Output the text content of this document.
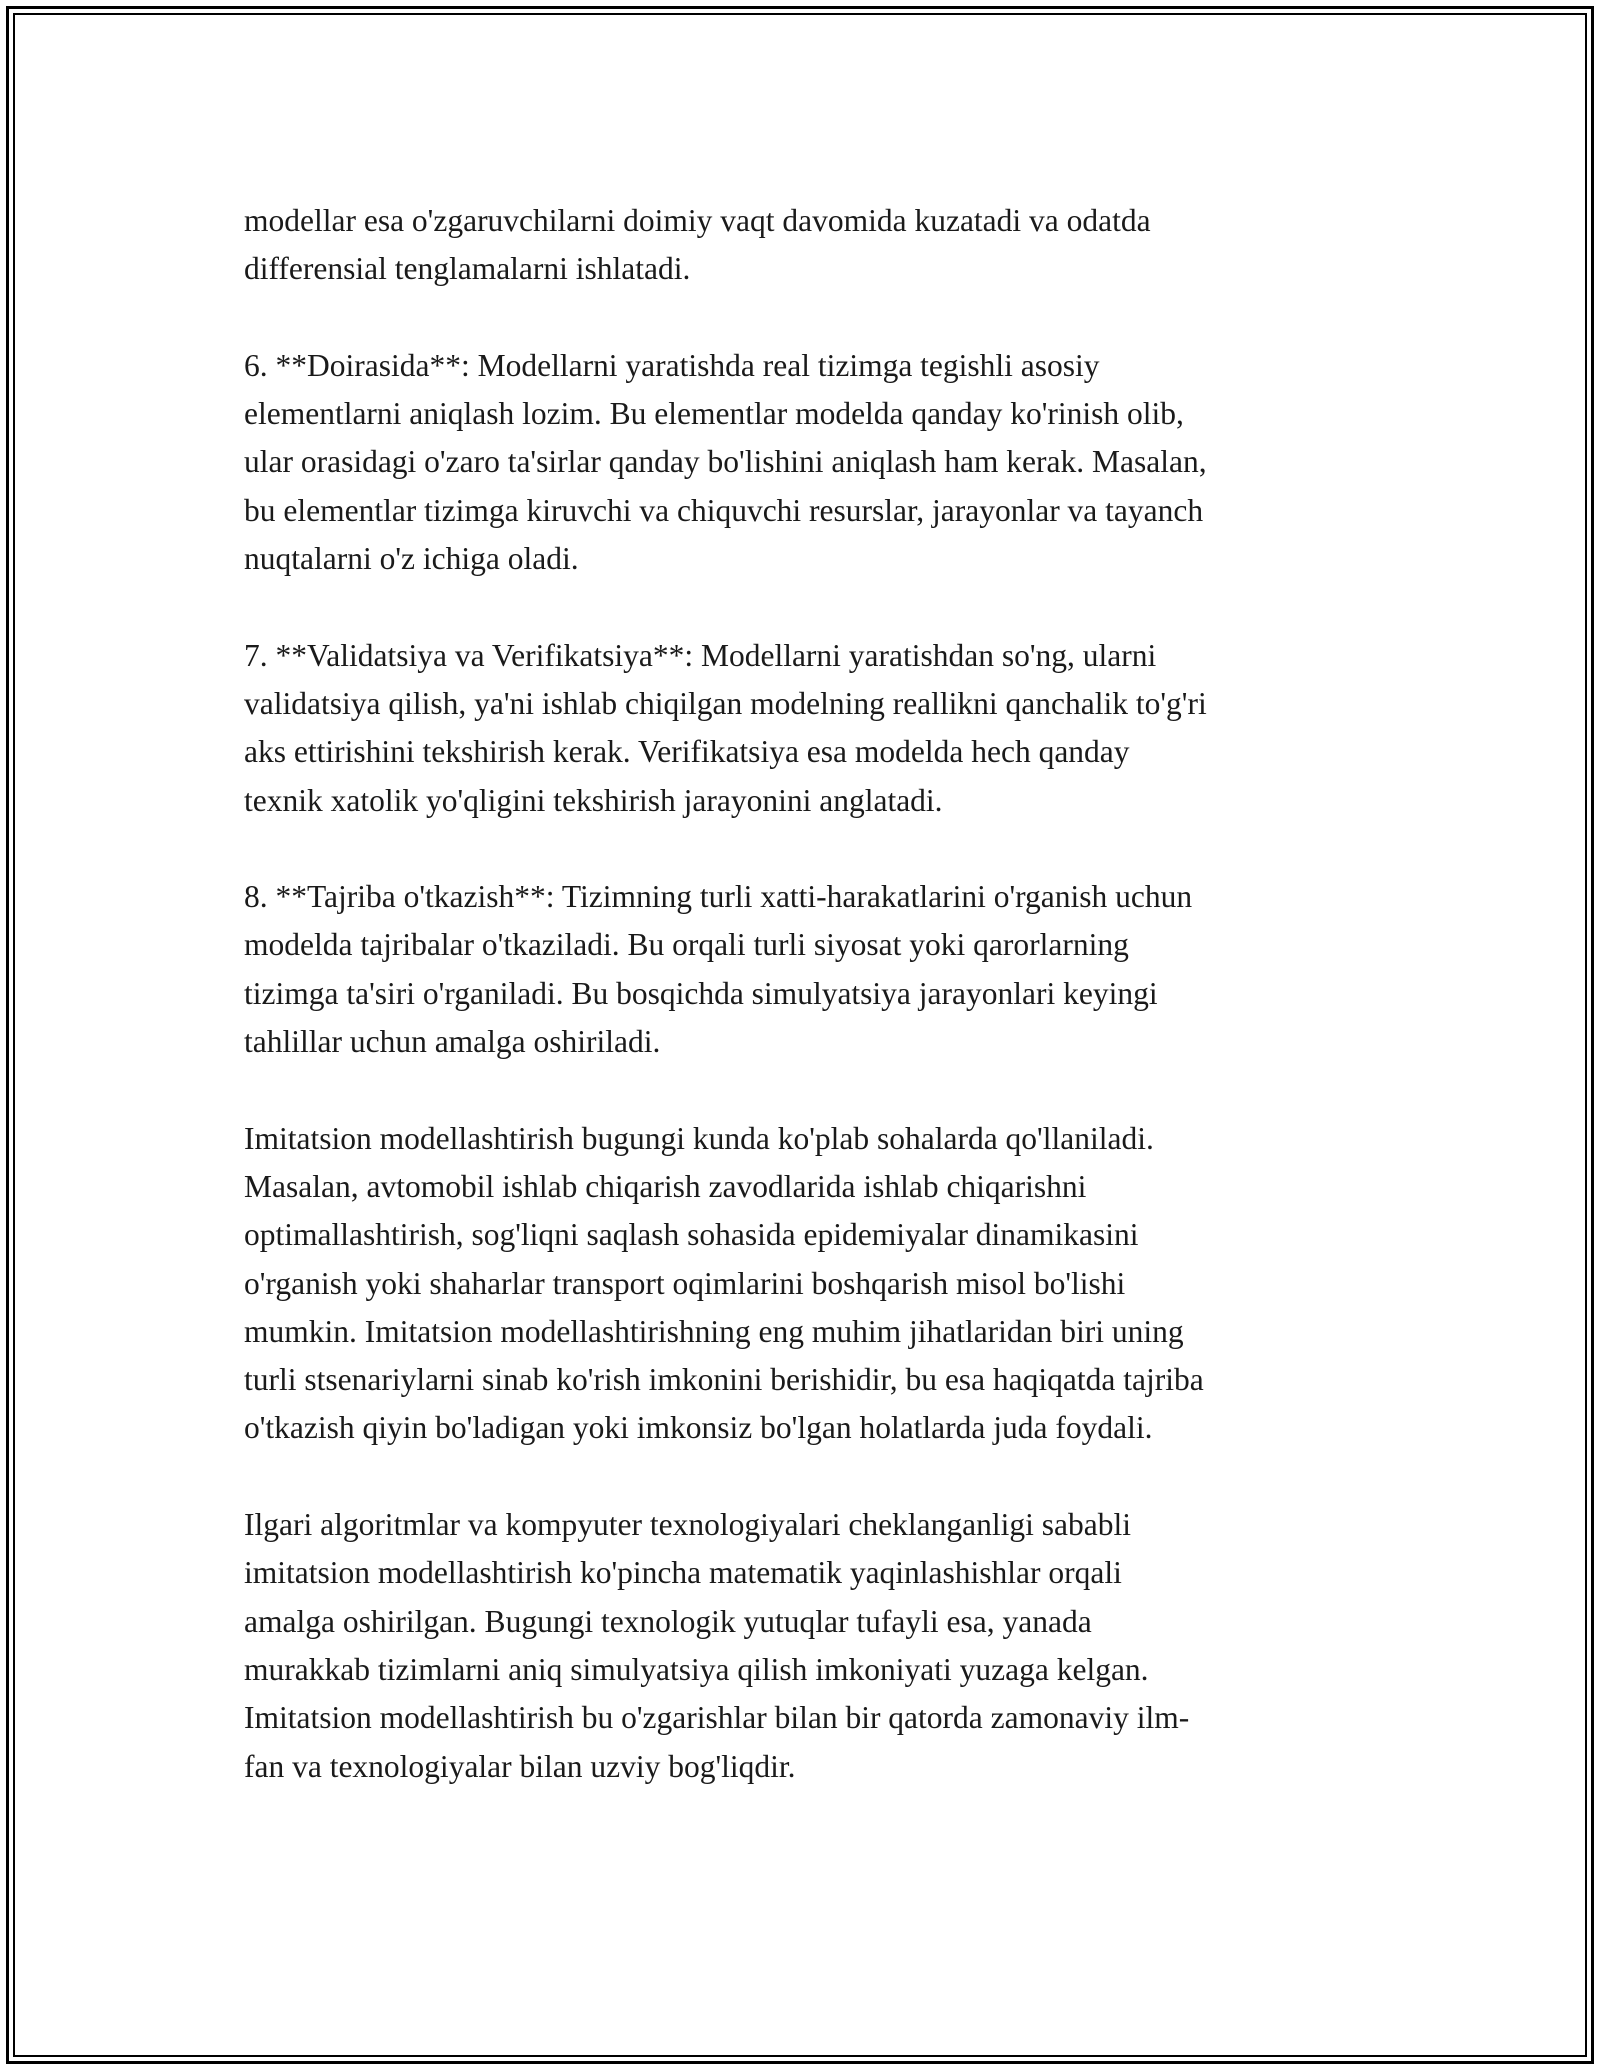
modellar esa o'zgaruvchilarni doimiy vaqt davomida kuzatadi va odatda
differensial tenglamalarni ishlatadi.

6. **Doirasida**: Modellarni yaratishda real tizimga tegishli asosiy
elementlarni aniqlash lozim. Bu elementlar modelda qanday ko'rinish olib,
ular orasidagi o'zaro ta'sirlar qanday bo'lishini aniqlash ham kerak. Masalan,
bu elementlar tizimga kiruvchi va chiquvchi resurslar, jarayonlar va tayanch
nuqtalarni o'z ichiga oladi.

7. **Validatsiya va Verifikatsiya**: Modellarni yaratishdan so'ng, ularni
validatsiya qilish, ya'ni ishlab chiqilgan modelning reallikni qanchalik to'g'ri
aks ettirishini tekshirish kerak. Verifikatsiya esa modelda hech qanday
texnik xatolik yo'qligini tekshirish jarayonini anglatadi.

8. **Tajriba o'tkazish**: Tizimning turli xatti-harakatlarini o'rganish uchun
modelda tajribalar o'tkaziladi. Bu orqali turli siyosat yoki qarorlarning
tizimga ta'siri o'rganiladi. Bu bosqichda simulyatsiya jarayonlari keyingi
tahlillar uchun amalga oshiriladi.

Imitatsion modellashtirish bugungi kunda ko'plab sohalarda qo'llaniladi.
Masalan, avtomobil ishlab chiqarish zavodlarida ishlab chiqarishni
optimallashtirish, sog'liqni saqlash sohasida epidemiyalar dinamikasini
o'rganish yoki shaharlar transport oqimlarini boshqarish misol bo'lishi
mumkin. Imitatsion modellashtirishning eng muhim jihatlaridan biri uning
turli stsenariylarni sinab ko'rish imkonini berishidir, bu esa haqiqatda tajriba
o'tkazish qiyin bo'ladigan yoki imkonsiz bo'lgan holatlarda juda foydali.

Ilgari algoritmlar va kompyuter texnologiyalari cheklanganligi sababli
imitatsion modellashtirish ko'pincha matematik yaqinlashishlar orqali
amalga oshirilgan. Bugungi texnologik yutuqlar tufayli esa, yanada
murakkab tizimlarni aniq simulyatsiya qilish imkoniyati yuzaga kelgan.
Imitatsion modellashtirish bu o'zgarishlar bilan bir qatorda zamonaviy ilm-
fan va texnologiyalar bilan uzviy bog'liqdir.
